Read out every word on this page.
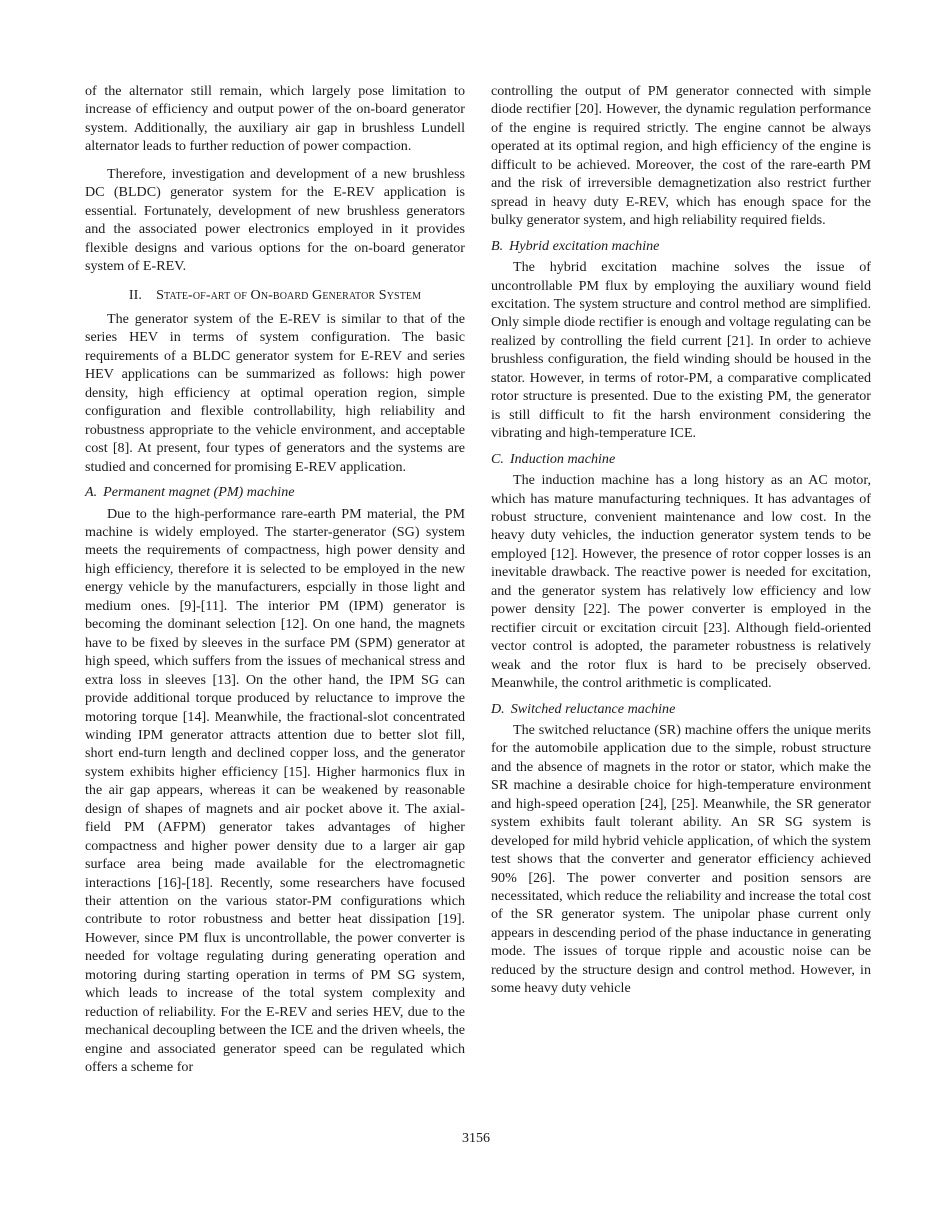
of the alternator still remain, which largely pose limitation to increase of efficiency and output power of the on-board generator system. Additionally, the auxiliary air gap in brushless Lundell alternator leads to further reduction of power compaction.

Therefore, investigation and development of a new brushless DC (BLDC) generator system for the E-REV application is essential. Fortunately, development of new brushless generators and the associated power electronics employed in it provides flexible designs and various options for the on-board generator system of E-REV.

II. State-of-art of On-board Generator System

The generator system of the E-REV is similar to that of the series HEV in terms of system configuration. The basic requirements of a BLDC generator system for E-REV and series HEV applications can be summarized as follows: high power density, high efficiency at optimal operation region, simple configuration and flexible controllability, high reliability and robustness appropriate to the vehicle environment, and acceptable cost [8]. At present, four types of generators and the systems are studied and concerned for promising E-REV application.

A. Permanent magnet (PM) machine

Due to the high-performance rare-earth PM material, the PM machine is widely employed. The starter-generator (SG) system meets the requirements of compactness, high power density and high efficiency, therefore it is selected to be employed in the new energy vehicle by the manufacturers, espcially in those light and medium ones. [9]-[11]. The interior PM (IPM) generator is becoming the dominant selection [12]. On one hand, the magnets have to be fixed by sleeves in the surface PM (SPM) generator at high speed, which suffers from the issues of mechanical stress and extra loss in sleeves [13]. On the other hand, the IPM SG can provide additional torque produced by reluctance to improve the motoring torque [14]. Meanwhile, the fractional-slot concentrated winding IPM generator attracts attention due to better slot fill, short end-turn length and declined copper loss, and the generator system exhibits higher efficiency [15]. Higher harmonics flux in the air gap appears, whereas it can be weakened by reasonable design of shapes of magnets and air pocket above it. The axial-field PM (AFPM) generator takes advantages of higher compactness and higher power density due to a larger air gap surface area being made available for the electromagnetic interactions [16]-[18]. Recently, some researchers have focused their attention on the various stator-PM configurations which contribute to rotor robustness and better heat dissipation [19]. However, since PM flux is uncontrollable, the power converter is needed for voltage regulating during generating operation and motoring during starting operation in terms of PM SG system, which leads to increase of the total system complexity and reduction of reliability. For the E-REV and series HEV, due to the mechanical decoupling between the ICE and the driven wheels, the engine and associated generator speed can be regulated which offers a scheme for

controlling the output of PM generator connected with simple diode rectifier [20]. However, the dynamic regulation performance of the engine is required strictly. The engine cannot be always operated at its optimal region, and high efficiency of the engine is difficult to be achieved. Moreover, the cost of the rare-earth PM and the risk of irreversible demagnetization also restrict further spread in heavy duty E-REV, which has enough space for the bulky generator system, and high reliability required fields.

B. Hybrid excitation machine

The hybrid excitation machine solves the issue of uncontrollable PM flux by employing the auxiliary wound field excitation. The system structure and control method are simplified. Only simple diode rectifier is enough and voltage regulating can be realized by controlling the field current [21]. In order to achieve brushless configuration, the field winding should be housed in the stator. However, in terms of rotor-PM, a comparative complicated rotor structure is presented. Due to the existing PM, the generator is still difficult to fit the harsh environment considering the vibrating and high-temperature ICE.

C. Induction machine

The induction machine has a long history as an AC motor, which has mature manufacturing techniques. It has advantages of robust structure, convenient maintenance and low cost. In the heavy duty vehicles, the induction generator system tends to be employed [12]. However, the presence of rotor copper losses is an inevitable drawback. The reactive power is needed for excitation, and the generator system has relatively low efficiency and low power density [22]. The power converter is employed in the rectifier circuit or excitation circuit [23]. Although field-oriented vector control is adopted, the parameter robustness is relatively weak and the rotor flux is hard to be precisely observed. Meanwhile, the control arithmetic is complicated.

D. Switched reluctance machine

The switched reluctance (SR) machine offers the unique merits for the automobile application due to the simple, robust structure and the absence of magnets in the rotor or stator, which make the SR machine a desirable choice for high-temperature environment and high-speed operation [24], [25]. Meanwhile, the SR generator system exhibits fault tolerant ability. An SR SG system is developed for mild hybrid vehicle application, of which the system test shows that the converter and generator efficiency achieved 90% [26]. The power converter and position sensors are necessitated, which reduce the reliability and increase the total cost of the SR generator system. The unipolar phase current only appears in descending period of the phase inductance in generating mode. The issues of torque ripple and acoustic noise can be reduced by the structure design and control method. However, in some heavy duty vehicle

3156
